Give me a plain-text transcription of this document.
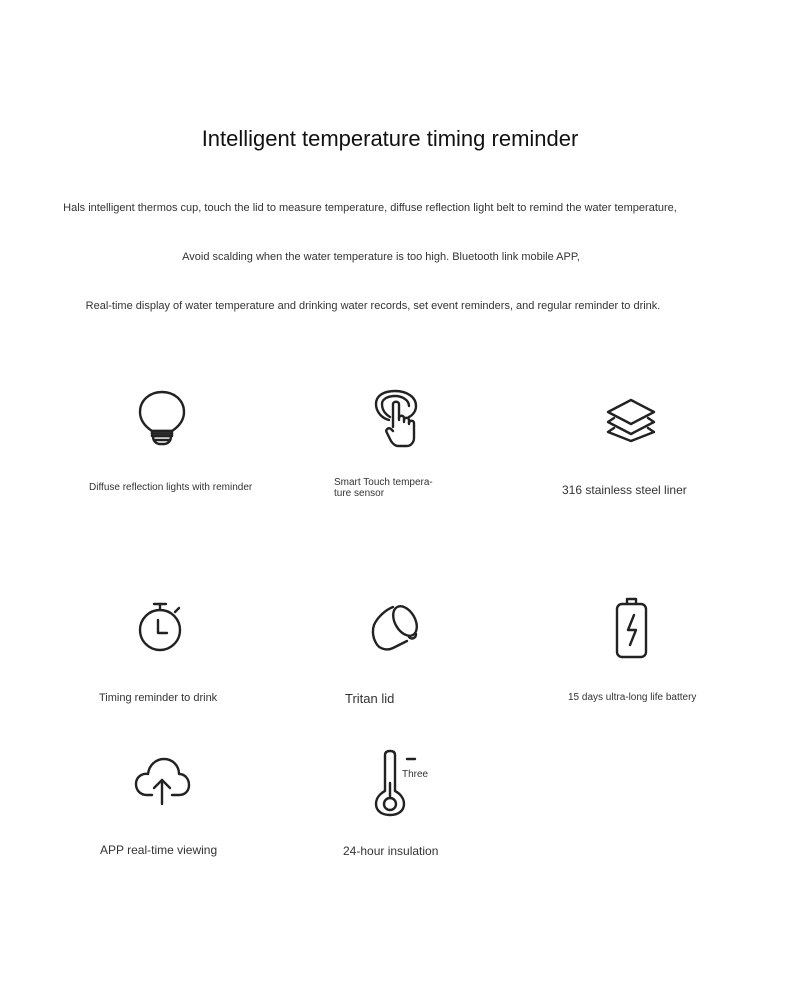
Intelligent temperature timing reminder
Hals intelligent thermos cup, touch the lid to measure temperature, diffuse reflection light belt to remind the water temperature,
Avoid scalding when the water temperature is too high. Bluetooth link mobile APP,
Real-time display of water temperature and drinking water records, set event reminders, and regular reminder to drink.
Diffuse reflection lights with reminder	Smart Touch tempera-
ture sensor	316 stainless steel liner
Timing reminder to drink	Tritan lid	15 days ultra-long life battery
APP real-time viewing
Three
24-hour insulation
